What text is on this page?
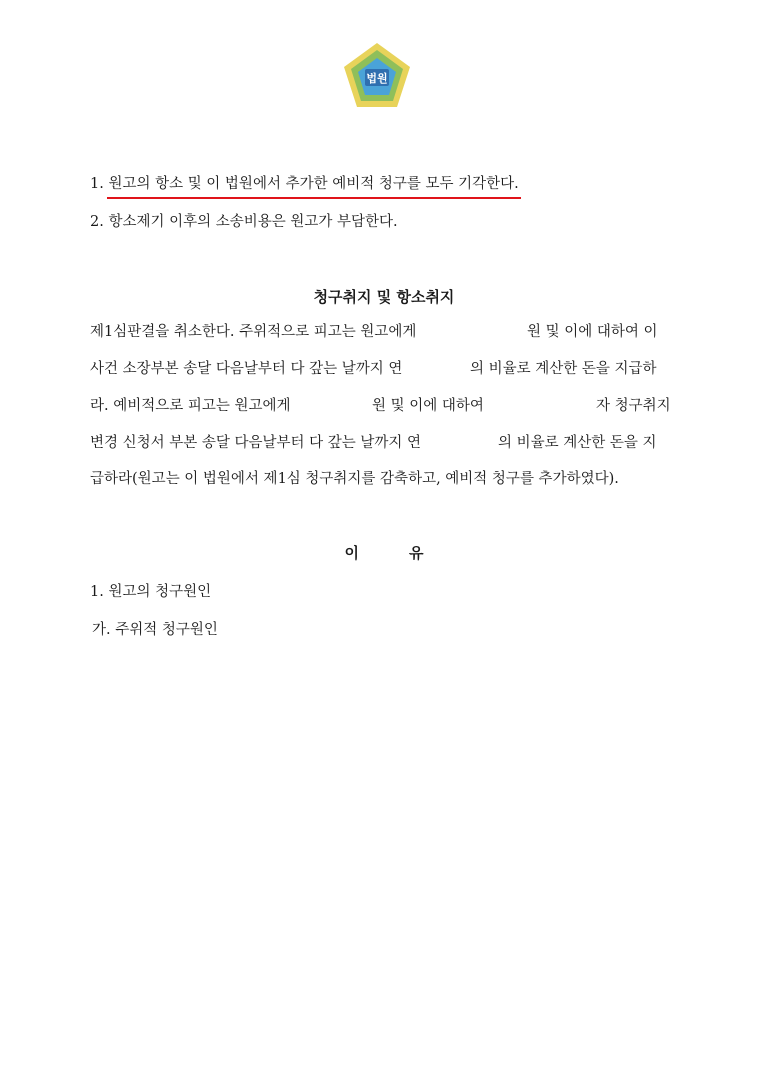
법원
1. 원고의 항소 및 이 법원에서 추가한 예비적 청구를 모두 기각한다.
2. 항소제기 이후의 소송비용은 원고가 부담한다.
청구취지 및 항소취지
제1심판결을 취소한다. 주위적으로 피고는 원고에게	원 및 이에 대하여 이
사건 소장부본 송달 다음날부터 다 갚는 날까지 연	의 비율로 계산한 돈을 지급하
라. 예비적으로 피고는 원고에게	원 및 이에 대하여	자 청구취지
변경 신청서 부본 송달 다음날부터 다 갚는 날까지 연	의 비율로 계산한 돈을 지
급하라(원고는 이 법원에서 제1심 청구취지를 감축하고, 예비적 청구를 추가하였다).
이	유
1. 원고의 청구원인
가. 주위적 청구원인
